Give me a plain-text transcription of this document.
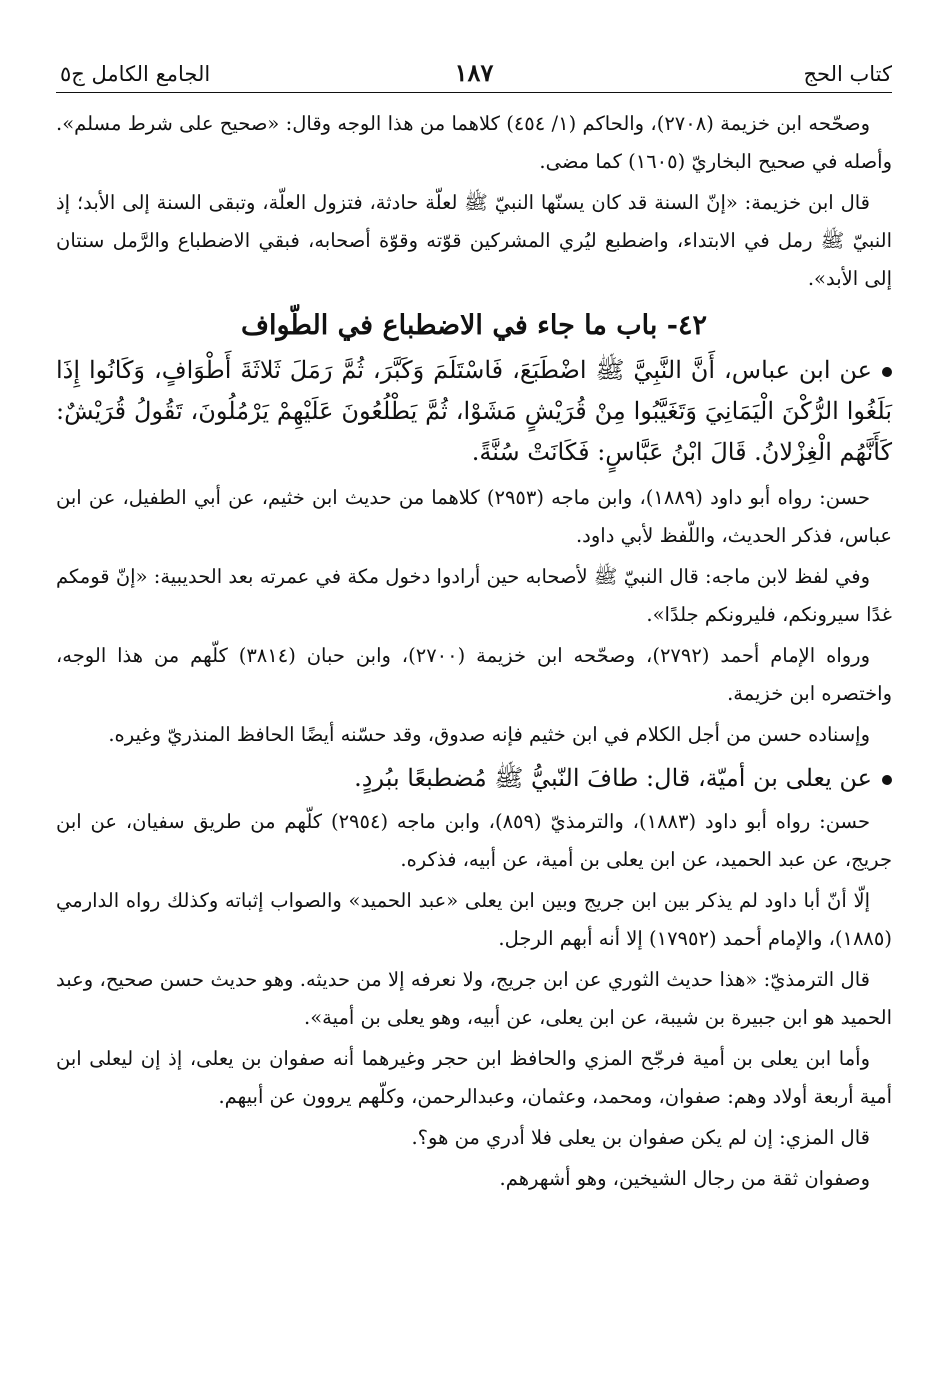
كتاب الحج
١٨٧
الجامع الكامل ج٥

وصحّحه ابن خزيمة (٢٧٠٨)، والحاكم (١/ ٤٥٤) كلاهما من هذا الوجه وقال: «صحيح على شرط مسلم». وأصله في صحيح البخاريّ (١٦٠٥) كما مضى.

قال ابن خزيمة: «إنّ السنة قد كان يسنّها النبيّ ﷺ لعلّة حادثة، فتزول العلّة، وتبقى السنة إلى الأبد؛ إذ النبيّ ﷺ رمل في الابتداء، واضطبع ليُري المشركين قوّته وقوّة أصحابه، فبقي الاضطباع والرَّمل سنتان إلى الأبد».

٤٢- باب ما جاء في الاضطباع في الطّواف

عن ابن عباس، أَنَّ النَّبِيَّ ﷺ اضْطَبَعَ، فَاسْتَلَمَ وَكَبَّرَ، ثُمَّ رَمَلَ ثَلاثَةَ أَطْوَافٍ، وَكَانُوا إِذَا بَلَغُوا الرُّكْنَ الْيَمَانِيَ وَتَغَيَّبُوا مِنْ قُرَيْشٍ مَشَوْا، ثُمَّ يَطْلُعُونَ عَلَيْهِمْ يَرْمُلُونَ، تَقُولُ قُرَيْشٌ: كَأَنَّهُم الْغِزْلانُ. قَالَ ابْنُ عَبَّاسٍ: فَكَانَتْ سُنَّةً.

حسن: رواه أبو داود (١٨٨٩)، وابن ماجه (٢٩٥٣) كلاهما من حديث ابن خثيم، عن أبي الطفيل، عن ابن عباس، فذكر الحديث، واللّفظ لأبي داود.

وفي لفظ لابن ماجه: قال النبيّ ﷺ لأصحابه حين أرادوا دخول مكة في عمرته بعد الحديبية: «إنّ قومكم غدًا سيرونكم، فليرونكم جلدًا».

ورواه الإمام أحمد (٢٧٩٢)، وصحّحه ابن خزيمة (٢٧٠٠)، وابن حبان (٣٨١٤) كلّهم من هذا الوجه، واختصره ابن خزيمة.

وإسناده حسن من أجل الكلام في ابن خثيم فإنه صدوق، وقد حسّنه أيضًا الحافظ المنذريّ وغيره.

عن يعلى بن أميّة، قال: طافَ النّبيُّ ﷺ مُضطبعًا ببُردٍ.

حسن: رواه أبو داود (١٨٨٣)، والترمذيّ (٨٥٩)، وابن ماجه (٢٩٥٤) كلّهم من طريق سفيان، عن ابن جريج، عن عبد الحميد، عن ابن يعلى بن أمية، عن أبيه، فذكره.

إلّا أنّ أبا داود لم يذكر بين ابن جريج وبين ابن يعلى «عبد الحميد» والصواب إثباته وكذلك رواه الدارمي (١٨٨٥)، والإمام أحمد (١٧٩٥٢) إلا أنه أبهم الرجل.

قال الترمذيّ: «هذا حديث الثوري عن ابن جريج، ولا نعرفه إلا من حديثه. وهو حديث حسن صحيح، وعبد الحميد هو ابن جبيرة بن شيبة، عن ابن يعلى، عن أبيه، وهو يعلى بن أمية».

وأما ابن يعلى بن أمية فرجّح المزي والحافظ ابن حجر وغيرهما أنه صفوان بن يعلى، إذ إن ليعلى ابن أمية أربعة أولاد وهم: صفوان، ومحمد، وعثمان، وعبدالرحمن، وكلّهم يروون عن أبيهم.

قال المزي: إن لم يكن صفوان بن يعلى فلا أدري من هو؟.

وصفوان ثقة من رجال الشيخين، وهو أشهرهم.
